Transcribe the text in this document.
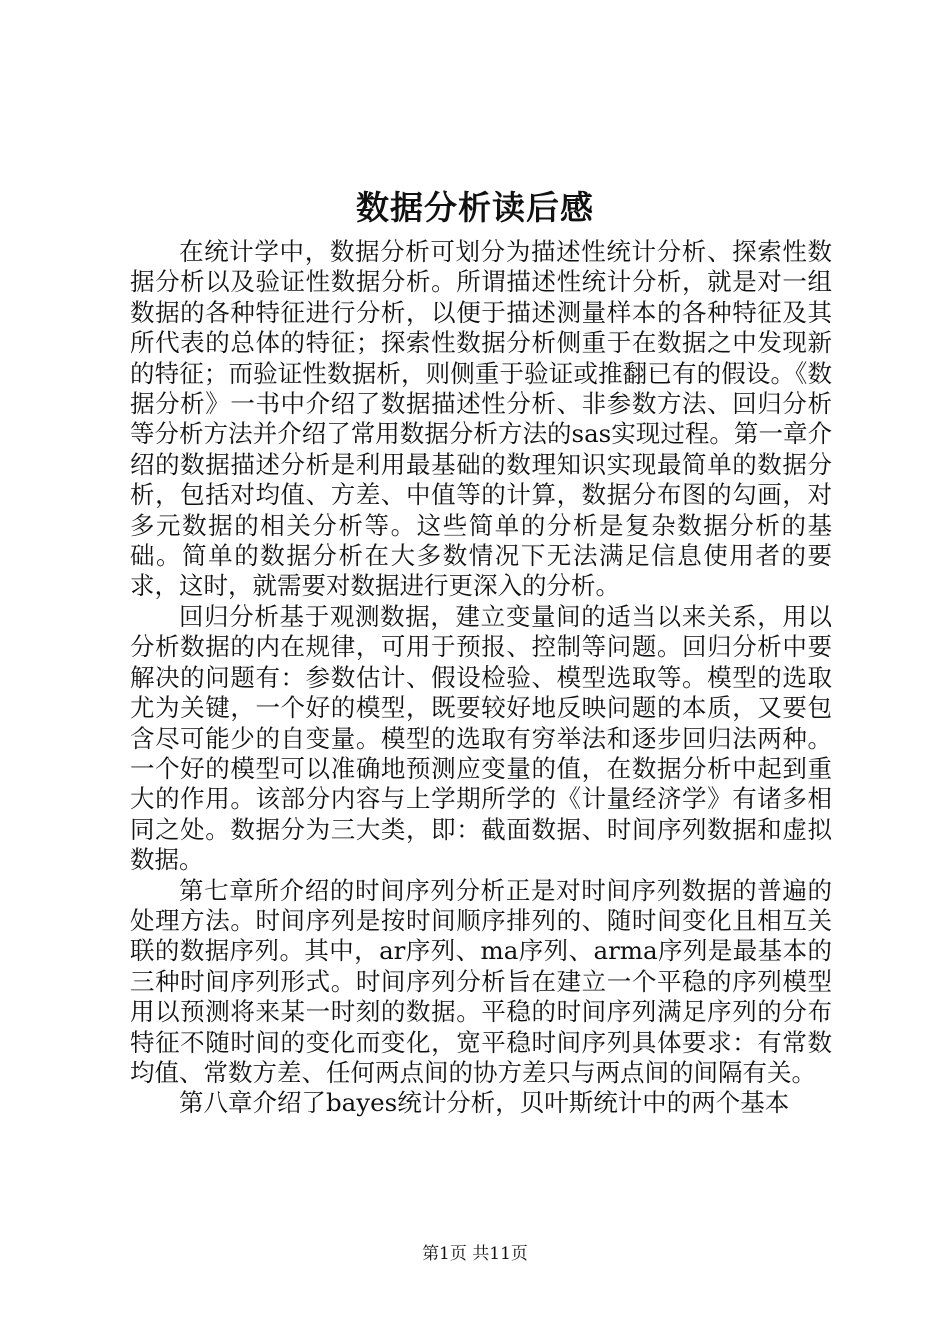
数据分析读后感

在统计学中，数据分析可划分为描述性统计分析、探索性数据分析以及验证性数据分析。所谓描述性统计分析，就是对一组数据的各种特征进行分析，以便于描述测量样本的各种特征及其所代表的总体的特征；探索性数据分析侧重于在数据之中发现新的特征；而验证性数据析，则侧重于验证或推翻已有的假设。《数据分析》一书中介绍了数据描述性分析、非参数方法、回归分析等分析方法并介绍了常用数据分析方法的sas实现过程。第一章介绍的数据描述分析是利用最基础的数理知识实现最简单的数据分析，包括对均值、方差、中值等的计算，数据分布图的勾画，对多元数据的相关分析等。这些简单的分析是复杂数据分析的基础。简单的数据分析在大多数情况下无法满足信息使用者的要求，这时，就需要对数据进行更深入的分析。

回归分析基于观测数据，建立变量间的适当以来关系，用以分析数据的内在规律，可用于预报、控制等问题。回归分析中要解决的问题有：参数估计、假设检验、模型选取等。模型的选取尤为关键，一个好的模型，既要较好地反映问题的本质，又要包含尽可能少的自变量。模型的选取有穷举法和逐步回归法两种。一个好的模型可以准确地预测应变量的值，在数据分析中起到重大的作用。该部分内容与上学期所学的《计量经济学》有诸多相同之处。数据分为三大类，即：截面数据、时间序列数据和虚拟数据。

第七章所介绍的时间序列分析正是对时间序列数据的普遍的处理方法。时间序列是按时间顺序排列的、随时间变化且相互关联的数据序列。其中，ar序列、ma序列、arma序列是最基本的三种时间序列形式。时间序列分析旨在建立一个平稳的序列模型用以预测将来某一时刻的数据。平稳的时间序列满足序列的分布特征不随时间的变化而变化，宽平稳时间序列具体要求：有常数均值、常数方差、任何两点间的协方差只与两点间的间隔有关。

第八章介绍了bayes统计分析，贝叶斯统计中的两个基本

第1页 共11页
